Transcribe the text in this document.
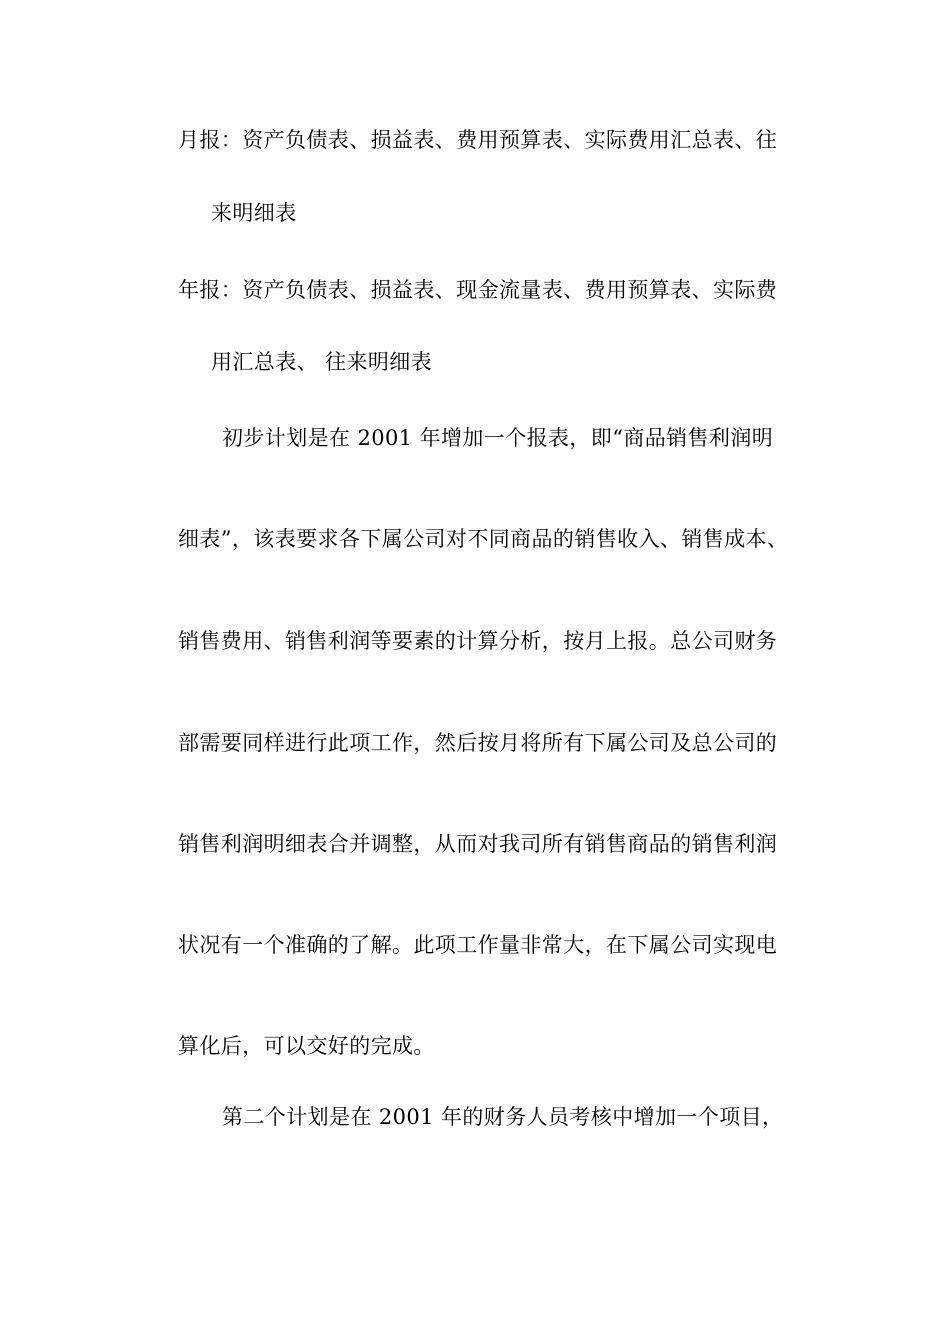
月报：资产负债表、损益表、费用预算表、实际费用汇总表、往
来明细表
年报：资产负债表、损益表、现金流量表、费用预算表、实际费
用汇总表、 往来明细表
初步计划是在 2001 年增加一个报表，即“商品销售利润明
细表”，该表要求各下属公司对不同商品的销售收入、销售成本、
销售费用、销售利润等要素的计算分析，按月上报。总公司财务
部需要同样进行此项工作，然后按月将所有下属公司及总公司的
销售利润明细表合并调整，从而对我司所有销售商品的销售利润
状况有一个准确的了解。此项工作量非常大，在下属公司实现电
算化后，可以交好的完成。
第二个计划是在 2001 年的财务人员考核中增加一个项目，
